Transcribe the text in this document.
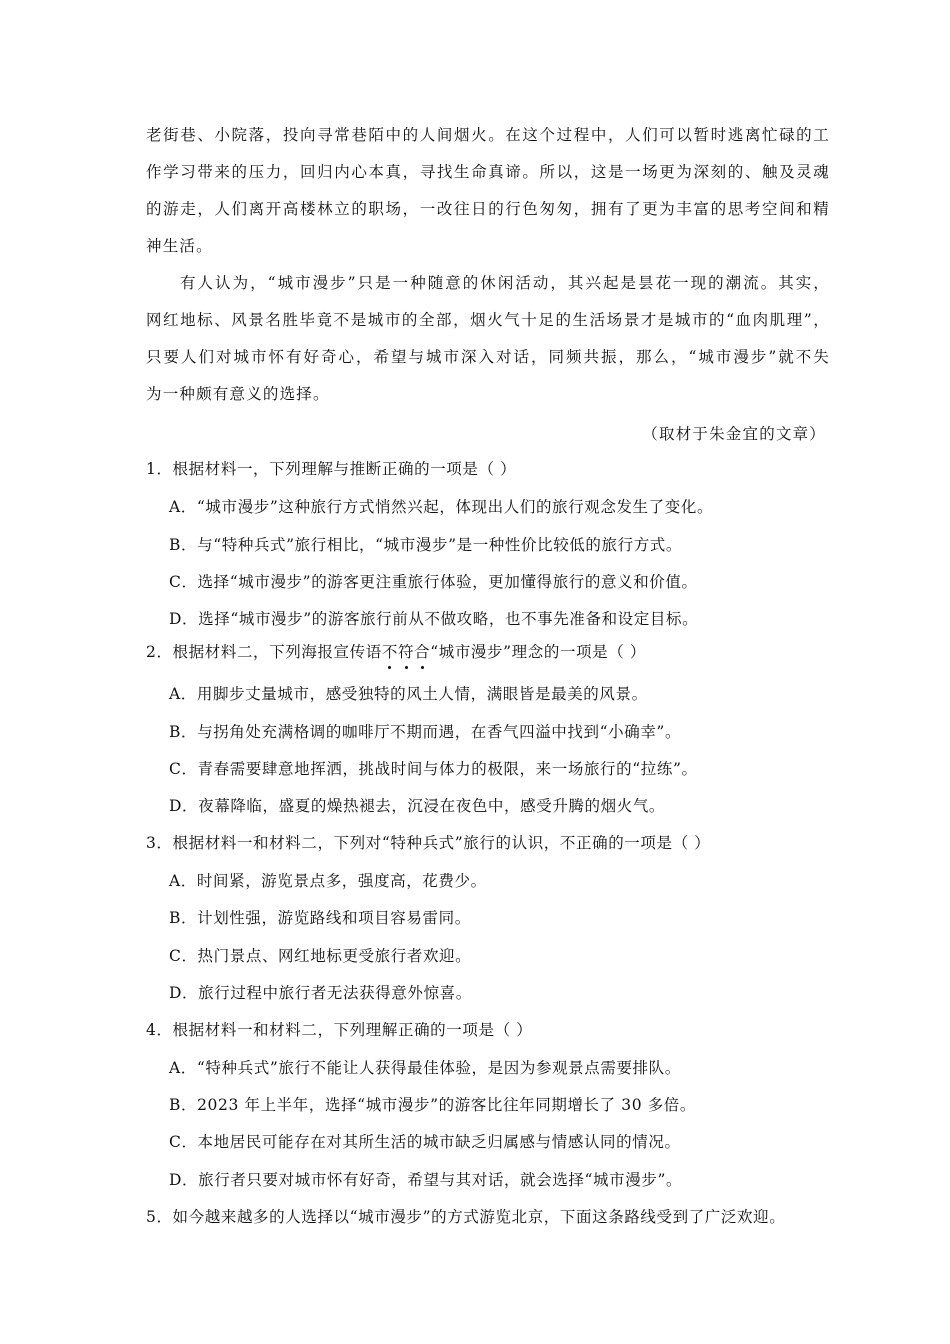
老街巷、小院落，投向寻常巷陌中的人间烟火。在这个过程中，人们可以暂时逃离忙碌的工
作学习带来的压力，回归内心本真，寻找生命真谛。所以，这是一场更为深刻的、触及灵魂
的游走，人们离开高楼林立的职场，一改往日的行色匆匆，拥有了更为丰富的思考空间和精
神生活。
有人认为，“城市漫步”只是一种随意的休闲活动，其兴起是昙花一现的潮流。其实，
网红地标、风景名胜毕竟不是城市的全部，烟火气十足的生活场景才是城市的“血肉肌理”，
只要人们对城市怀有好奇心，希望与城市深入对话，同频共振，那么，“城市漫步”就不失
为一种颇有意义的选择。
（取材于朱金宜的文章）
1．根据材料一，下列理解与推断正确的一项是（ ）
A．“城市漫步”这种旅行方式悄然兴起，体现出人们的旅行观念发生了变化。
B．与“特种兵式”旅行相比，“城市漫步”是一种性价比较低的旅行方式。
C．选择“城市漫步”的游客更注重旅行体验，更加懂得旅行的意义和价值。
D．选择“城市漫步”的游客旅行前从不做攻略，也不事先准备和设定目标。
2．根据材料二，下列海报宣传语不符合“城市漫步”理念的一项是（ ）
A．用脚步丈量城市，感受独特的风土人情，满眼皆是最美的风景。
B．与拐角处充满格调的咖啡厅不期而遇，在香气四溢中找到“小确幸”。
C．青春需要肆意地挥洒，挑战时间与体力的极限，来一场旅行的“拉练”。
D．夜幕降临，盛夏的燥热褪去，沉浸在夜色中，感受升腾的烟火气。
3．根据材料一和材料二，下列对“特种兵式”旅行的认识，不正确的一项是（ ）
A．时间紧，游览景点多，强度高，花费少。
B．计划性强，游览路线和项目容易雷同。
C．热门景点、网红地标更受旅行者欢迎。
D．旅行过程中旅行者无法获得意外惊喜。
4．根据材料一和材料二，下列理解正确的一项是（ ）
A．“特种兵式”旅行不能让人获得最佳体验，是因为参观景点需要排队。
B．2023 年上半年，选择“城市漫步”的游客比往年同期增长了 30 多倍。
C．本地居民可能存在对其所生活的城市缺乏归属感与情感认同的情况。
D．旅行者只要对城市怀有好奇，希望与其对话，就会选择“城市漫步”。
5．如今越来越多的人选择以“城市漫步”的方式游览北京，下面这条路线受到了广泛欢迎。
